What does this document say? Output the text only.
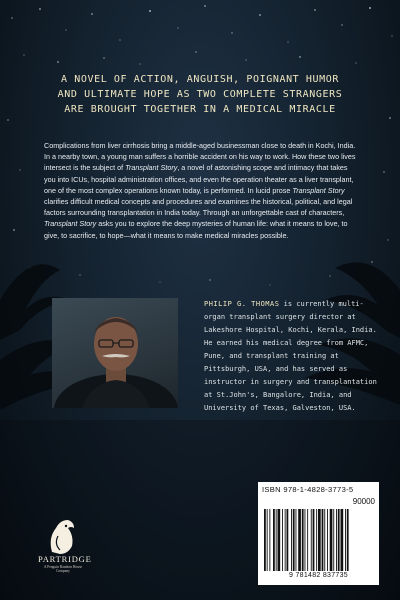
A NOVEL OF ACTION, ANGUISH, POIGNANT HUMOR
AND ULTIMATE HOPE AS TWO COMPLETE STRANGERS
ARE BROUGHT TOGETHER IN A MEDICAL MIRACLE

Complications from liver cirrhosis bring a middle-aged businessman close to death in Kochi, India. In a nearby town, a young man suffers a horrible accident on his way to work. How these two lives intersect is the subject of Transplant Story, a novel of astonishing scope and intimacy that takes you into ICUs, hospital administration offices, and even the operation theater as a liver transplant, one of the most complex operations known today, is performed. In lucid prose Transplant Story clarifies difficult medical concepts and procedures and examines the historical, political, and legal factors surrounding transplantation in India today. Through an unforgettable cast of characters, Transplant Story asks you to explore the deep mysteries of human life: what it means to love, to give, to sacrifice, to hope—what it means to make medical miracles possible.

PHILIP G. THOMAS is currently multi-organ transplant surgery director at Lakeshore Hospital, Kochi, Kerala, India. He earned his medical degree from AFMC, Pune, and transplant training at Pittsburgh, USA, and has served as instructor in surgery and transplantation at St.John's, Bangalore, India, and University of Texas, Galveston, USA.
PARTRIDGE
A Penguin Random House Company
ISBN 978-1-4828-3773-5
90000
9 781482 837735
